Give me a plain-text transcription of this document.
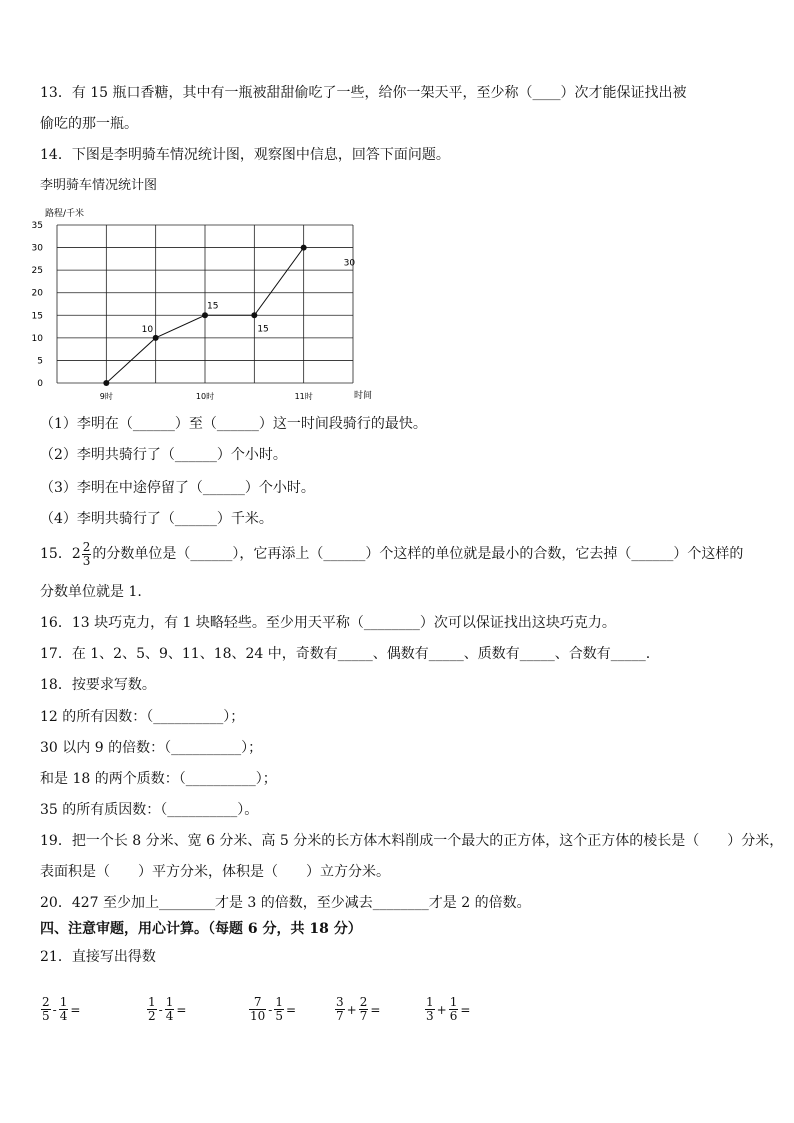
13．有 15 瓶口香糖，其中有一瓶被甜甜偷吃了一些，给你一架天平，至少称（____）次才能保证找出被
偷吃的那一瓶。
14．下图是李明骑车情况统计图，观察图中信息，回答下面问题。
李明骑车情况统计图
路程/千米
时间
0
5
10
15
20
25
30
35
9时	10时	11时
10
15
15
30
（1）李明在（______）至（______）这一时间段骑行的最快。
（2）李明共骑行了（______）个小时。
（3）李明在中途停留了（______）个小时。
（4）李明共骑行了（______）千米。
15．$2 \frac{2}{3}$ 的分数单位是（______），它再添上（______）个这样的单位就是最小的合数，它去掉（______）个这样的
分数单位就是 1.
16．13 块巧克力，有 1 块略轻些。至少用天平称（________）次可以保证找出这块巧克力。
17．在 1、2、5、9、11、18、24 中，奇数有_____、偶数有_____、质数有_____、合数有_____.
18．按要求写数。
12 的所有因数：（__________）；
30 以内 9 的倍数：（__________）；
和是 18 的两个质数：（__________）；
35 的所有质因数：（__________）。
19．把一个长 8 分米、宽 6 分米、高 5 分米的长方体木料削成一个最大的正方体，这个正方体的棱长是（　　）分米，
表面积是（　　）平方分米，体积是（　　）立方分米。
20．427 至少加上________才是 3 的倍数，至少减去________才是 2 的倍数。
四、注意审题，用心计算。（每题 6 分，共 18 分）
21．直接写出得数
$\frac{2}{5} - \frac{1}{4}$ =	$\frac{1}{2} - \frac{1}{4}$ =	$\frac{7}{10} - \frac{1}{5}$ =	$\frac{3}{7} + \frac{2}{7}$ =	$\frac{1}{3} + \frac{1}{6}$ =
